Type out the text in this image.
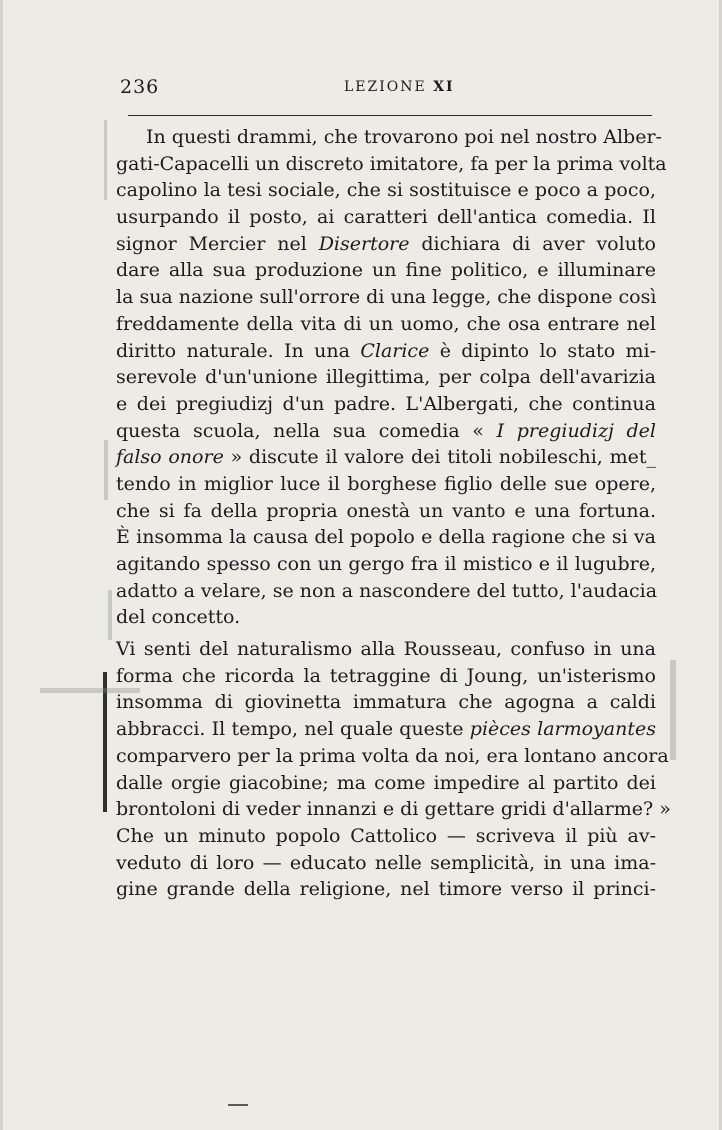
236	LEZIONE XI
In questi drammi, che trovarono poi nel nostro Alber-
gati-Capacelli un discreto imitatore, fa per la prima volta
capolino la tesi sociale, che si sostituisce e poco a poco,
usurpando il posto, ai caratteri dell'antica comedia. Il
signor Mercier nel Disertore dichiara di aver voluto
dare alla sua produzione un fine politico, e illuminare
la sua nazione sull'orrore di una legge, che dispone così
freddamente della vita di un uomo, che osa entrare nel
diritto naturale. In una Clarice è dipinto lo stato mi-
serevole d'un'unione illegittima, per colpa dell'avarizia
e dei pregiudizj d'un padre. L'Albergati, che continua
questa scuola, nella sua comedia « I pregiudizj del
falso onore » discute il valore dei titoli nobileschi, met_
tendo in miglior luce il borghese figlio delle sue opere,
che si fa della propria onestà un vanto e una fortuna.
È insomma la causa del popolo e della ragione che si va
agitando spesso con un gergo fra il mistico e il lugubre,
adatto a velare, se non a nascondere del tutto, l'audacia
del concetto.
Vi senti del naturalismo alla Rousseau, confuso in una
forma che ricorda la tetraggine di Joung, un'isterismo
insomma di giovinetta immatura che agogna a caldi
abbracci. Il tempo, nel quale queste pièces larmoyantes
comparvero per la prima volta da noi, era lontano ancora
dalle orgie giacobine; ma come impedire al partito dei
brontoloni di veder innanzi e di gettare gridi d'allarme? »
Che un minuto popolo Cattolico — scriveva il più av-
veduto di loro — educato nelle semplicità, in una ima-
gine grande della religione, nel timore verso il princi-
